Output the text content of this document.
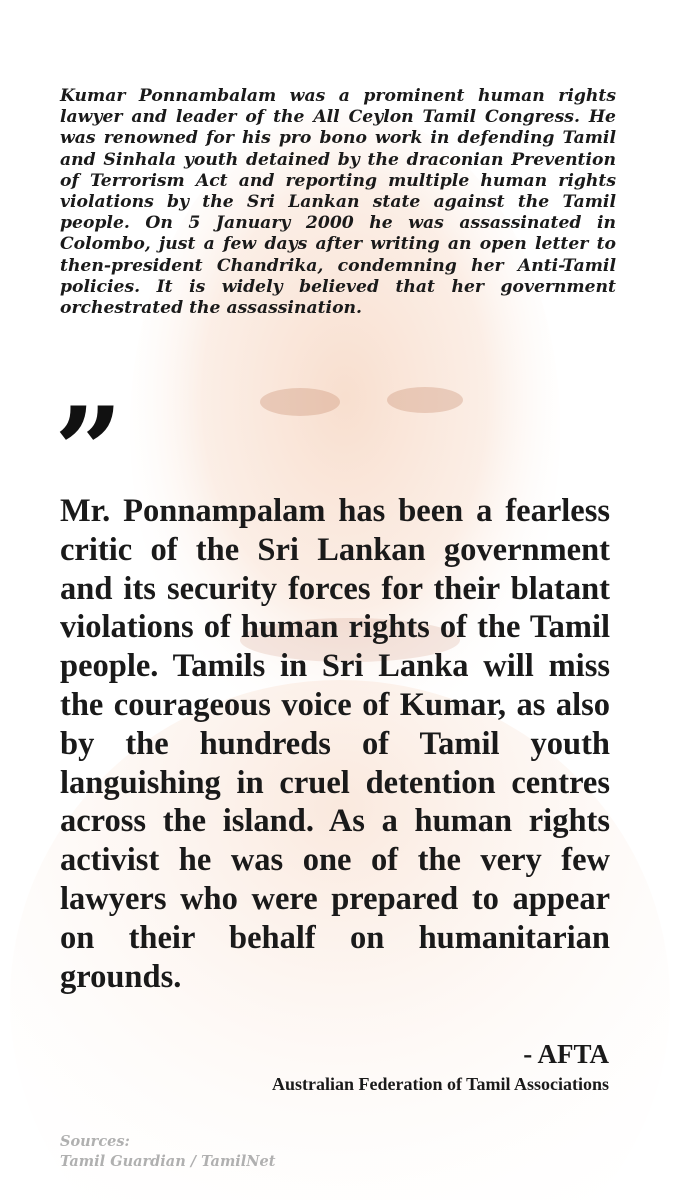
Kumar Ponnambalam was a prominent human rights lawyer and leader of the All Ceylon Tamil Congress. He was renowned for his pro bono work in defending Tamil and Sinhala youth detained by the draconian Prevention of Terrorism Act and reporting multiple human rights violations by the Sri Lankan state against the Tamil people. On 5 January 2000 he was assassinated in Colombo, just a few days after writing an open letter to then-president Chandrika, condemning her Anti-Tamil policies. It is widely believed that her government orchestrated the assassination.

”

Mr. Ponnampalam has been a fearless critic of the Sri Lankan government and its security forces for their blatant violations of human rights of the Tamil people. Tamils in Sri Lanka will miss the courageous voice of Kumar, as also by the hundreds of Tamil youth languishing in cruel detention centres across the island. As a human rights activist he was one of the very few lawyers who were prepared to appear on their behalf on humanitarian grounds.

- AFTA
Australian Federation of Tamil Associations
Sources:
Tamil Guardian / TamilNet
